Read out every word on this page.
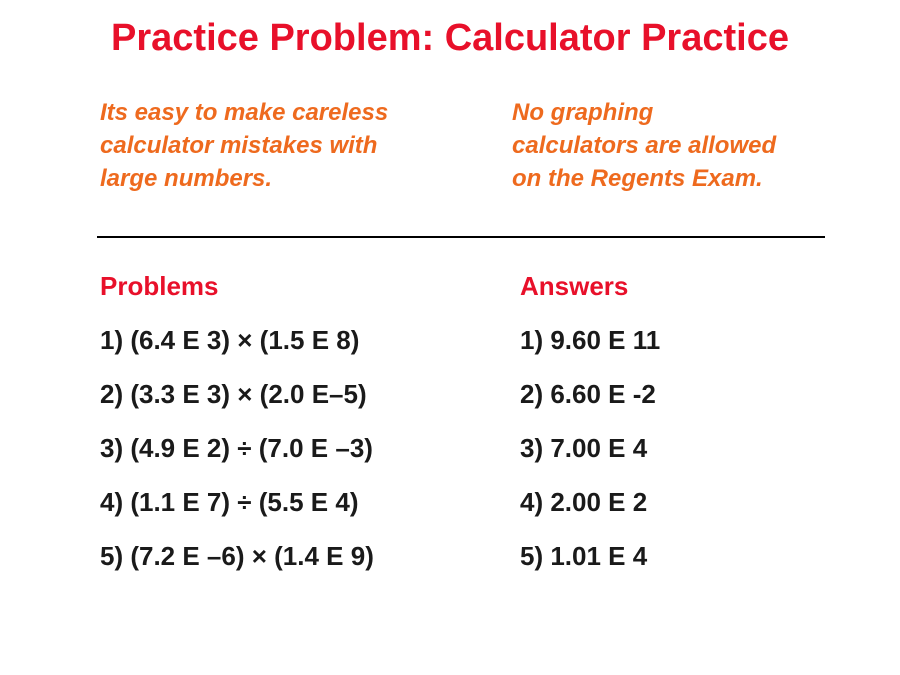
Practice Problem: Calculator Practice
Its easy to make careless
calculator mistakes with
large numbers.
No graphing
calculators are allowed
on the Regents Exam.
Problems	Answers
1) (6.4 E 3) × (1.5 E 8)
2) (3.3 E 3) × (2.0 E–5)
3) (4.9 E 2) ÷ (7.0 E –3)
4) (1.1 E 7) ÷ (5.5 E 4)
5) (7.2 E –6) × (1.4 E 9)
1) 9.60 E 11
2) 6.60 E -2
3) 7.00 E 4
4) 2.00 E 2
5) 1.01 E 4
